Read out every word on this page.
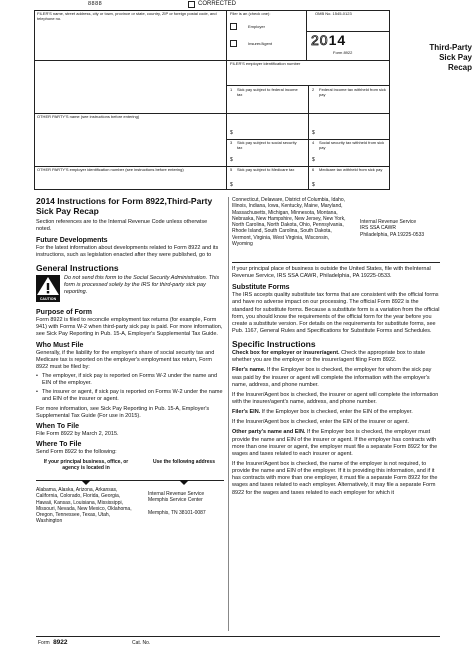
8888	CORRECTED
FILER'S name, street address, city or town, province or state, country, ZIP or foreign postal code, and telephone no.
Filer is an (check one):
Employer
Insurer/Agent
OMB No. 1545-0123
2014
Form 8922
Third-Party
Sick Pay
Recap
FILER'S employer identification number
OTHER PARTY'S name (see instructions before entering)
OTHER PARTY'S employer identification number (see instructions before entering)
1 Sick pay subject to federal income tax
$
2 Federal income tax withheld from sick pay
$
3 Sick pay subject to social security tax
$
4 Social security tax withheld from sick pay
$
5 Sick pay subject to Medicare tax
$
6 Medicare tax withheld from sick pay
$
2014 Instructions for Form 8922,Third-Party Sick Pay Recap
Section references are to the Internal Revenue Code unless otherwise noted.
Future Developments
For the latest information about developments related to Form 8922 and its instructions, such as legislation enacted after they were published, go to
General Instructions
CAUTION
Do not send this form to the Social Security Administration. This form is processed solely by the IRS for third-party sick pay reporting.
Purpose of Form
Form 8922 is filed to reconcile employment tax returns (for example, Form 941) with Forms W-2 when third-party sick pay is paid. For more information, see Sick Pay Reporting in Pub. 15-A, Employer's Supplemental Tax Guide.
Who Must File
Generally, if the liability for the employer's share of social security tax and Medicare tax is reported on the employer's employment tax return, Form 8922 must be filed by:
• The employer, if sick pay is reported on Forms W-2 under the name and EIN of the employer.
• The insurer or agent, if sick pay is reported on Forms W-2 under the name and EIN of the insurer or agent.
For more information, see Sick Pay Reporting in Pub. 15-A, Employer's Supplemental Tax Guide (For use in 2015).
When To File
File Form 8922 by March 2, 2015.
Where To File
Send Form 8922 to the following:
If your principal business, office, or agency is located in
Use the following address
Alabama, Alaska, Arizona, Arkansas, California, Colorado, Florida, Georgia, Hawaii, Kansas, Louisiana, Mississippi, Missouri, Nevada, New Mexico, Oklahoma, Oregon, Tennessee, Texas, Utah, Washington
Internal Revenue Service
Memphis Service Center

Memphis, TN 38101-0087
Connecticut, Delaware, District of Columbia, Idaho, Illinois, Indiana, Iowa, Kentucky, Maine, Maryland, Massachusetts, Michigan, Minnesota, Montana, Nebraska, New Hampshire, New Jersey, New York, North Carolina, North Dakota, Ohio, Pennsylvania, Rhode Island, South Carolina, South Dakota, Vermont, Virginia, West Virginia, Wisconsin, Wyoming
Internal Revenue Service
IRS SSA CAWR
Philadelphia, PA 19225-0533
If your principal place of business is outside the United States, file with theInternal Revenue Service, IRS SSA CAWR, Philadelphia, PA 19225-0533.
Substitute Forms
The IRS accepts quality substitute tax forms that are consistent with the official forms and have no adverse impact on our processing. The official Form 8922 is the standard for substitute forms. Because a substitute form is a variation from the official form, you should know the requirements of the official form for the year before you create a substitute version. For details on the requirements for substitute forms, see Pub. 1167, General Rules and Specifications for Substitute Forms and Schedules.
Specific Instructions
Check box for employer or insurer/agent. Check the appropriate box to state whether you are the employer or the insurer/agent filing Form 8922.
Filer's name. If the Employer box is checked, the employer for whom the sick pay was paid by the insurer or agent will complete the information with the employer's name, address, and phone number.
If the Insurer/Agent box is checked, the insurer or agent will complete the information with the insurer/agent's name, address, and phone number.
Filer's EIN. If the Employer box is checked, enter the EIN of the employer.
If the Insurer/Agent box is checked, enter the EIN of the insurer or agent.
Other party's name and EIN. If the Employer box is checked, the employer must provide the name and EIN of the insurer or agent. If the employer has contracts with more than one insurer or agent, the employer must file a separate Form 8922 for the wages and taxes related to each insurer or agent.
If the Insurer/Agent box is checked, the name of the employer is not required, to provide the name and EIN of the employer. If it is providing this information, and if it has contracts with more than one employer, it must file a separate Form 8922 for the wages and taxes related to each employer. Alternatively, it may file a separate Form 8922 for the wages and taxes related to each employer for which it
Form 8922	Cat. No.
